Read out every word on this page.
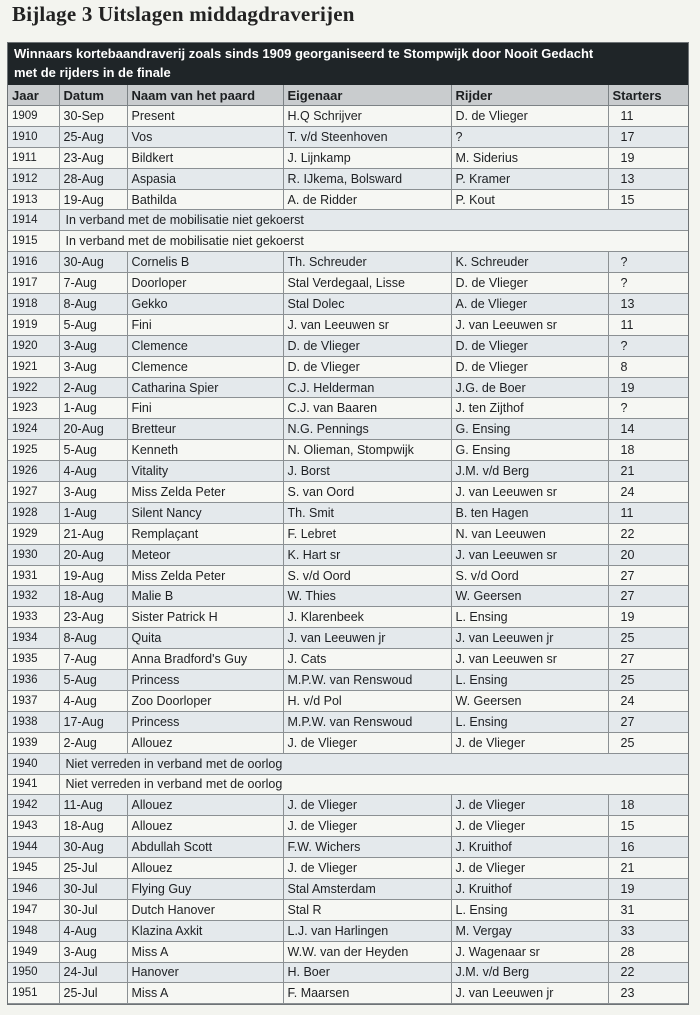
Bijlage 3 Uitslagen middagdraverijen
Winnaars kortebaandraverij zoals sinds 1909 georganiseerd te Stompwijk door Nooit Gedacht
met de rijders in de finale
Jaar	Datum	Naam van het paard	Eigenaar	Rijder	Starters
1909	30-Sep	Present	H.Q Schrijver	D. de Vlieger	11
1910	25-Aug	Vos	T. v/d Steenhoven	?	17
1911	23-Aug	Bildkert	J. Lijnkamp	M. Siderius	19
1912	28-Aug	Aspasia	R. IJkema, Bolsward	P. Kramer	13
1913	19-Aug	Bathilda	A. de Ridder	P. Kout	15
1914	In verband met de mobilisatie niet gekoerst				
1915	In verband met de mobilisatie niet gekoerst				
1916	30-Aug	Cornelis B	Th. Schreuder	K. Schreuder	?
1917	7-Aug	Doorloper	Stal Verdegaal, Lisse	D. de Vlieger	?
1918	8-Aug	Gekko	Stal Dolec	A. de Vlieger	13
1919	5-Aug	Fini	J. van Leeuwen sr	J. van Leeuwen sr	11
1920	3-Aug	Clemence	D. de Vlieger	D. de Vlieger	?
1921	3-Aug	Clemence	D. de Vlieger	D. de Vlieger	8
1922	2-Aug	Catharina Spier	C.J. Helderman	J.G. de Boer	19
1923	1-Aug	Fini	C.J. van Baaren	J. ten Zijthof	?
1924	20-Aug	Bretteur	N.G. Pennings	G. Ensing	14
1925	5-Aug	Kenneth	N. Olieman, Stompwijk	G. Ensing	18
1926	4-Aug	Vitality	J. Borst	J.M. v/d Berg	21
1927	3-Aug	Miss Zelda Peter	S. van Oord	J. van Leeuwen sr	24
1928	1-Aug	Silent Nancy	Th. Smit	B. ten Hagen	11
1929	21-Aug	Remplaçant	F. Lebret	N. van Leeuwen	22
1930	20-Aug	Meteor	K. Hart sr	J. van Leeuwen sr	20
1931	19-Aug	Miss Zelda Peter	S. v/d Oord	S. v/d Oord	27
1932	18-Aug	Malie B	W. Thies	W. Geersen	27
1933	23-Aug	Sister Patrick H	J. Klarenbeek	L. Ensing	19
1934	8-Aug	Quita	J. van Leeuwen jr	J. van Leeuwen jr	25
1935	7-Aug	Anna Bradford's Guy	J. Cats	J. van Leeuwen sr	27
1936	5-Aug	Princess	M.P.W. van Renswoud	L. Ensing	25
1937	4-Aug	Zoo Doorloper	H. v/d Pol	W. Geersen	24
1938	17-Aug	Princess	M.P.W. van Renswoud	L. Ensing	27
1939	2-Aug	Allouez	J. de Vlieger	J. de Vlieger	25
1940	Niet verreden in verband met de oorlog				
1941	Niet verreden in verband met de oorlog				
1942	11-Aug	Allouez	J. de Vlieger	J. de Vlieger	18
1943	18-Aug	Allouez	J. de Vlieger	J. de Vlieger	15
1944	30-Aug	Abdullah Scott	F.W. Wichers	J. Kruithof	16
1945	25-Jul	Allouez	J. de Vlieger	J. de Vlieger	21
1946	30-Jul	Flying Guy	Stal Amsterdam	J. Kruithof	19
1947	30-Jul	Dutch Hanover	Stal R	L. Ensing	31
1948	4-Aug	Klazina Axkit	L.J. van Harlingen	M. Vergay	33
1949	3-Aug	Miss A	W.W. van der Heyden	J. Wagenaar sr	28
1950	24-Jul	Hanover	H. Boer	J.M. v/d Berg	22
1951	25-Jul	Miss A	F. Maarsen	J. van Leeuwen jr	23
